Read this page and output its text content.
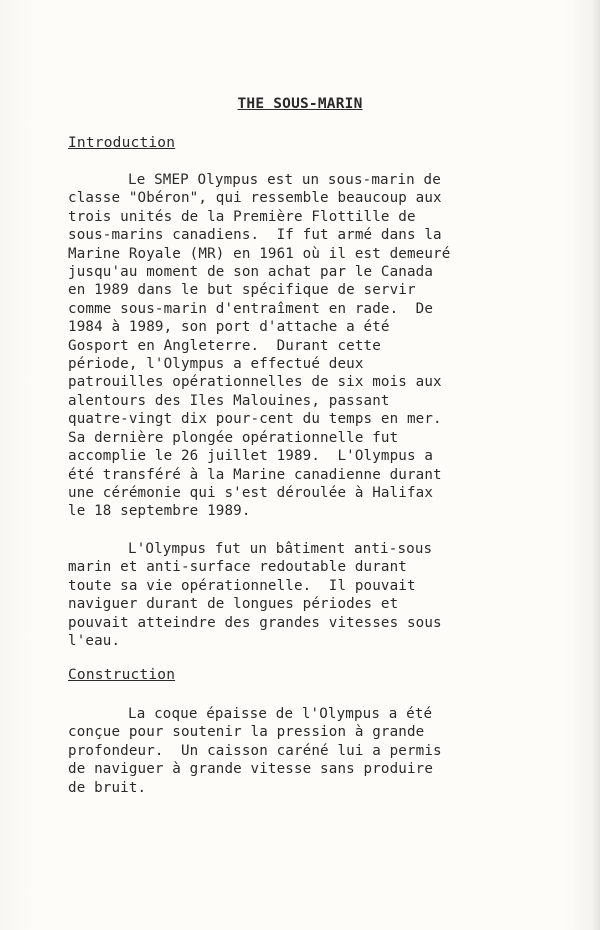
THE SOUS-MARIN
Introduction
Le SMEP Olympus est un sous-marin de
classe "Obéron", qui ressemble beaucoup aux
trois unités de la Première Flottille de
sous-marins canadiens.  If fut armé dans la
Marine Royale (MR) en 1961 où il est demeuré
jusqu'au moment de son achat par le Canada
en 1989 dans le but spécifique de servir
comme sous-marin d'entraîment en rade.  De
1984 à 1989, son port d'attache a été
Gosport en Angleterre.  Durant cette
période, l'Olympus a effectué deux
patrouilles opérationnelles de six mois aux
alentours des Iles Malouines, passant
quatre-vingt dix pour-cent du temps en mer.
Sa dernière plongée opérationnelle fut
accomplie le 26 juillet 1989.  L'Olympus a
été transféré à la Marine canadienne durant
une cérémonie qui s'est déroulée à Halifax
le 18 septembre 1989.
L'Olympus fut un bâtiment anti-sous
marin et anti-surface redoutable durant
toute sa vie opérationnelle.  Il pouvait
naviguer durant de longues périodes et
pouvait atteindre des grandes vitesses sous
l'eau.
Construction
La coque épaisse de l'Olympus a été
conçue pour soutenir la pression à grande
profondeur.  Un caisson caréné lui a permis
de naviguer à grande vitesse sans produire
de bruit.
